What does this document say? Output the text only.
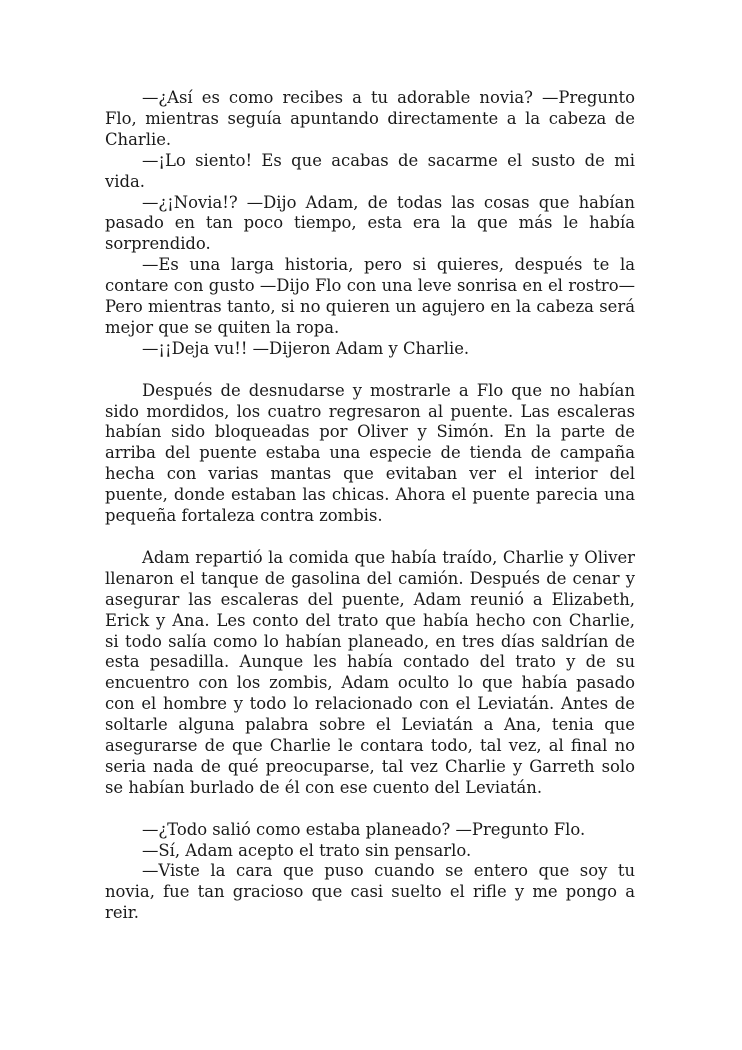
—¿Así es como recibes a tu adorable novia? —Pregunto Flo, mientras seguía apuntando directamente a la cabeza de Charlie.

—¡Lo siento! Es que acabas de sacarme el susto de mi vida.

—¿¡Novia!? —Dijo Adam, de todas las cosas que habían pasado en tan poco tiempo, esta era la que más le había sorprendido.

—Es una larga historia, pero si quieres, después te la contare con gusto —Dijo Flo con una leve sonrisa en el rostro— Pero mientras tanto, si no quieren un agujero en la cabeza será mejor que se quiten la ropa.

—¡¡Deja vu!! —Dijeron Adam y Charlie.

Después de desnudarse y mostrarle a Flo que no habían sido mordidos, los cuatro regresaron al puente. Las escaleras habían sido bloqueadas por Oliver y Simón. En la parte de arriba del puente estaba una especie de tienda de campaña hecha con varias mantas que evitaban ver el interior del puente, donde estaban las chicas. Ahora el puente parecia una pequeña fortaleza contra zombis.

Adam repartió la comida que había traído, Charlie y Oliver llenaron el tanque de gasolina del camión. Después de cenar y asegurar las escaleras del puente, Adam reunió a Elizabeth, Erick y Ana. Les conto del trato que había hecho con Charlie, si todo salía como lo habían planeado, en tres días saldrían de esta pesadilla. Aunque les había contado del trato y de su encuentro con los zombis, Adam oculto lo que había pasado con el hombre y todo lo relacionado con el Leviatán. Antes de soltarle alguna palabra sobre el Leviatán a Ana, tenia que asegurarse de que Charlie le contara todo, tal vez, al final no seria nada de qué preocuparse, tal vez Charlie y Garreth solo se habían burlado de él con ese cuento del Leviatán.

—¿Todo salió como estaba planeado? —Pregunto Flo.

—Sí, Adam acepto el trato sin pensarlo.

—Viste la cara que puso cuando se entero que soy tu novia, fue tan gracioso que casi suelto el rifle y me pongo a reir.
